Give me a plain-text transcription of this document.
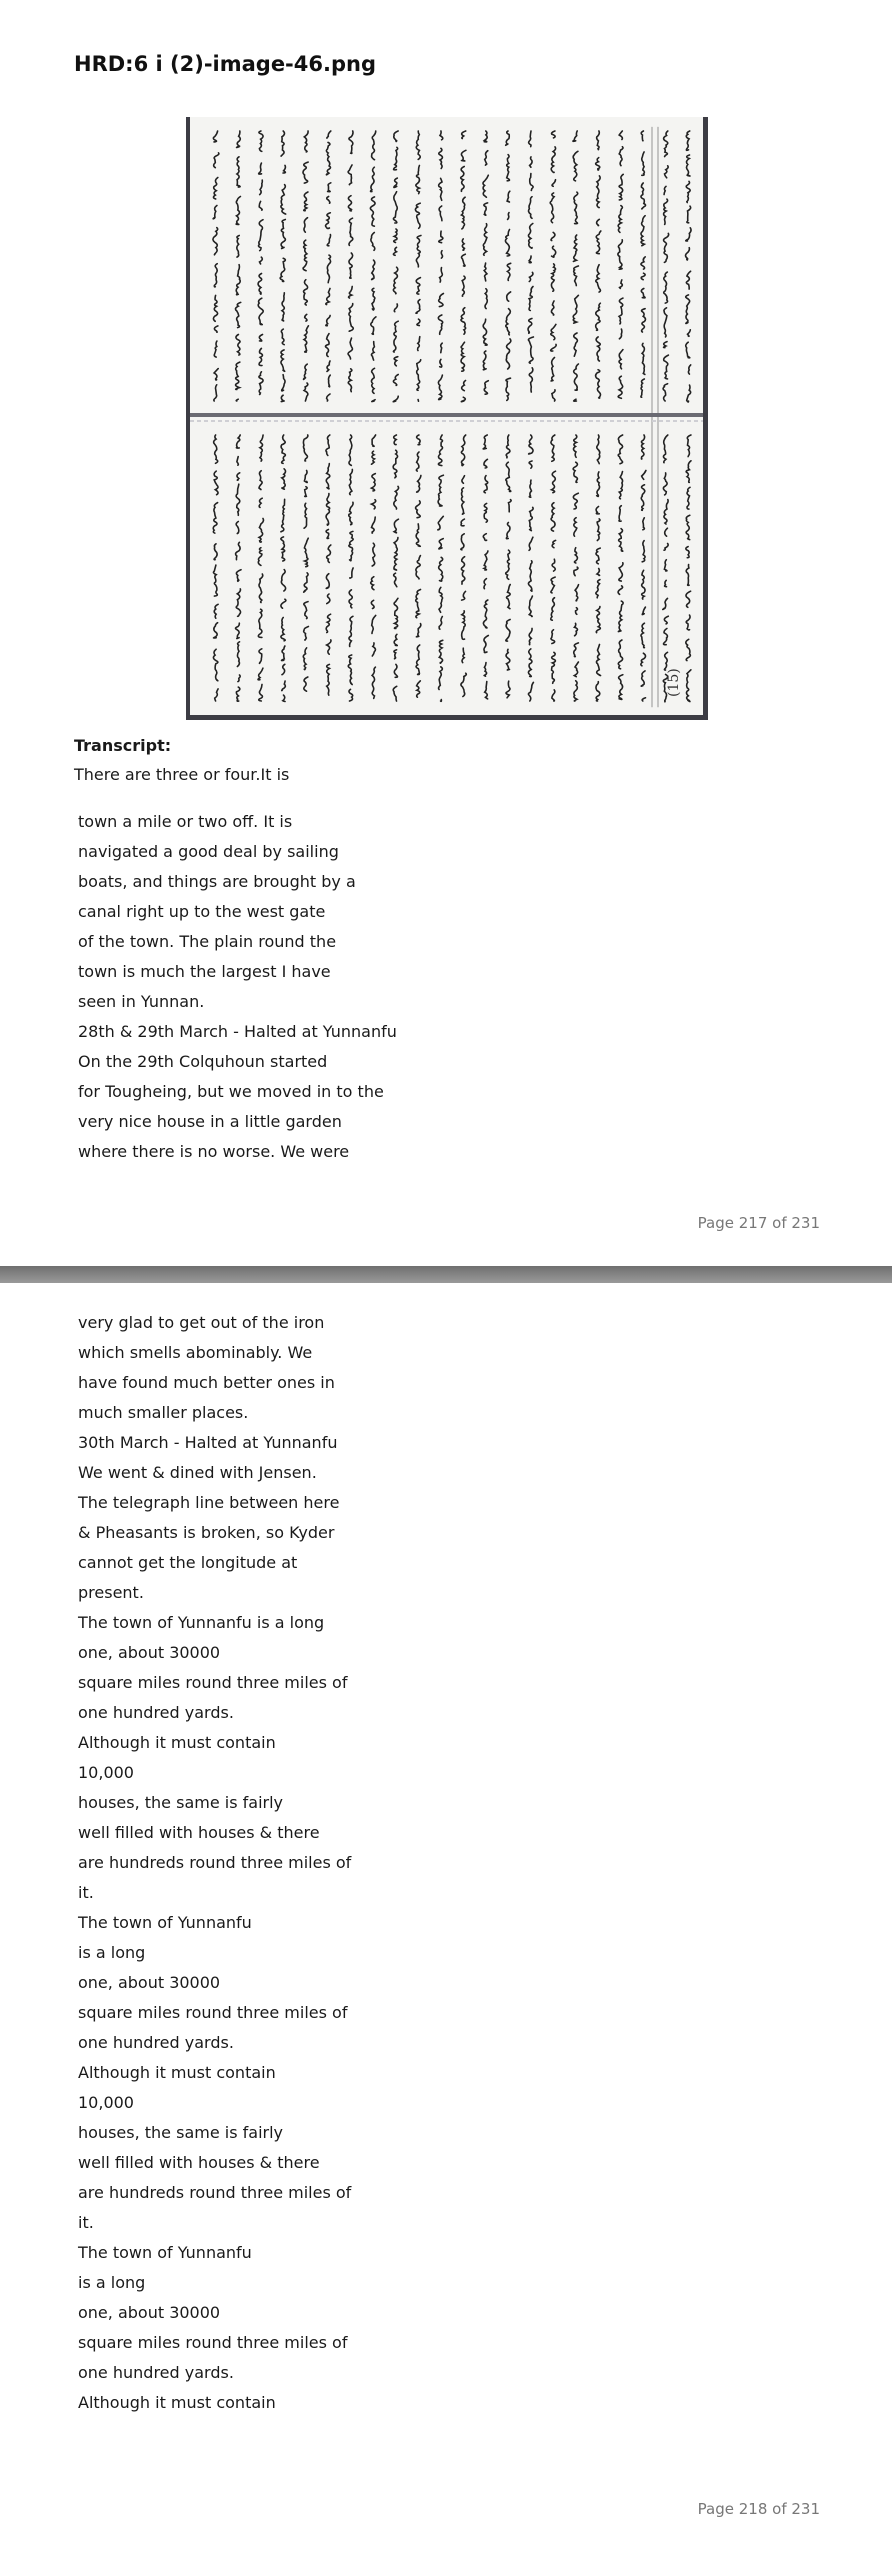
HRD:6 i (2)-image-46.png
(15)
Transcript:
There are three or four.It is
town a mile or two off. It is
navigated a good deal by sailing
boats, and things are brought by a
canal right up to the west gate
of the town. The plain round the
town is much the largest I have
seen in Yunnan.
28th & 29th March - Halted at Yunnanfu
On the 29th Colquhoun started
for Tougheing, but we moved in to the
very nice house in a little garden
where there is no worse. We were
Page 217 of 231
very glad to get out of the iron
which smells abominably. We
have found much better ones in
much smaller places.
30th March - Halted at Yunnanfu
We went & dined with Jensen.
The telegraph line between here
& Pheasants is broken, so Kyder
cannot get the longitude at
present.
The town of Yunnanfu is a long
one, about 30000
square miles round three miles of
one hundred yards.
Although it must contain
10,000
houses, the same is fairly
well filled with houses & there
are hundreds round three miles of
it.
The town of Yunnanfu
is a long
one, about 30000
square miles round three miles of
one hundred yards.
Although it must contain
10,000
houses, the same is fairly
well filled with houses & there
are hundreds round three miles of
it.
The town of Yunnanfu
is a long
one, about 30000
square miles round three miles of
one hundred yards.
Although it must contain
Page 218 of 231
